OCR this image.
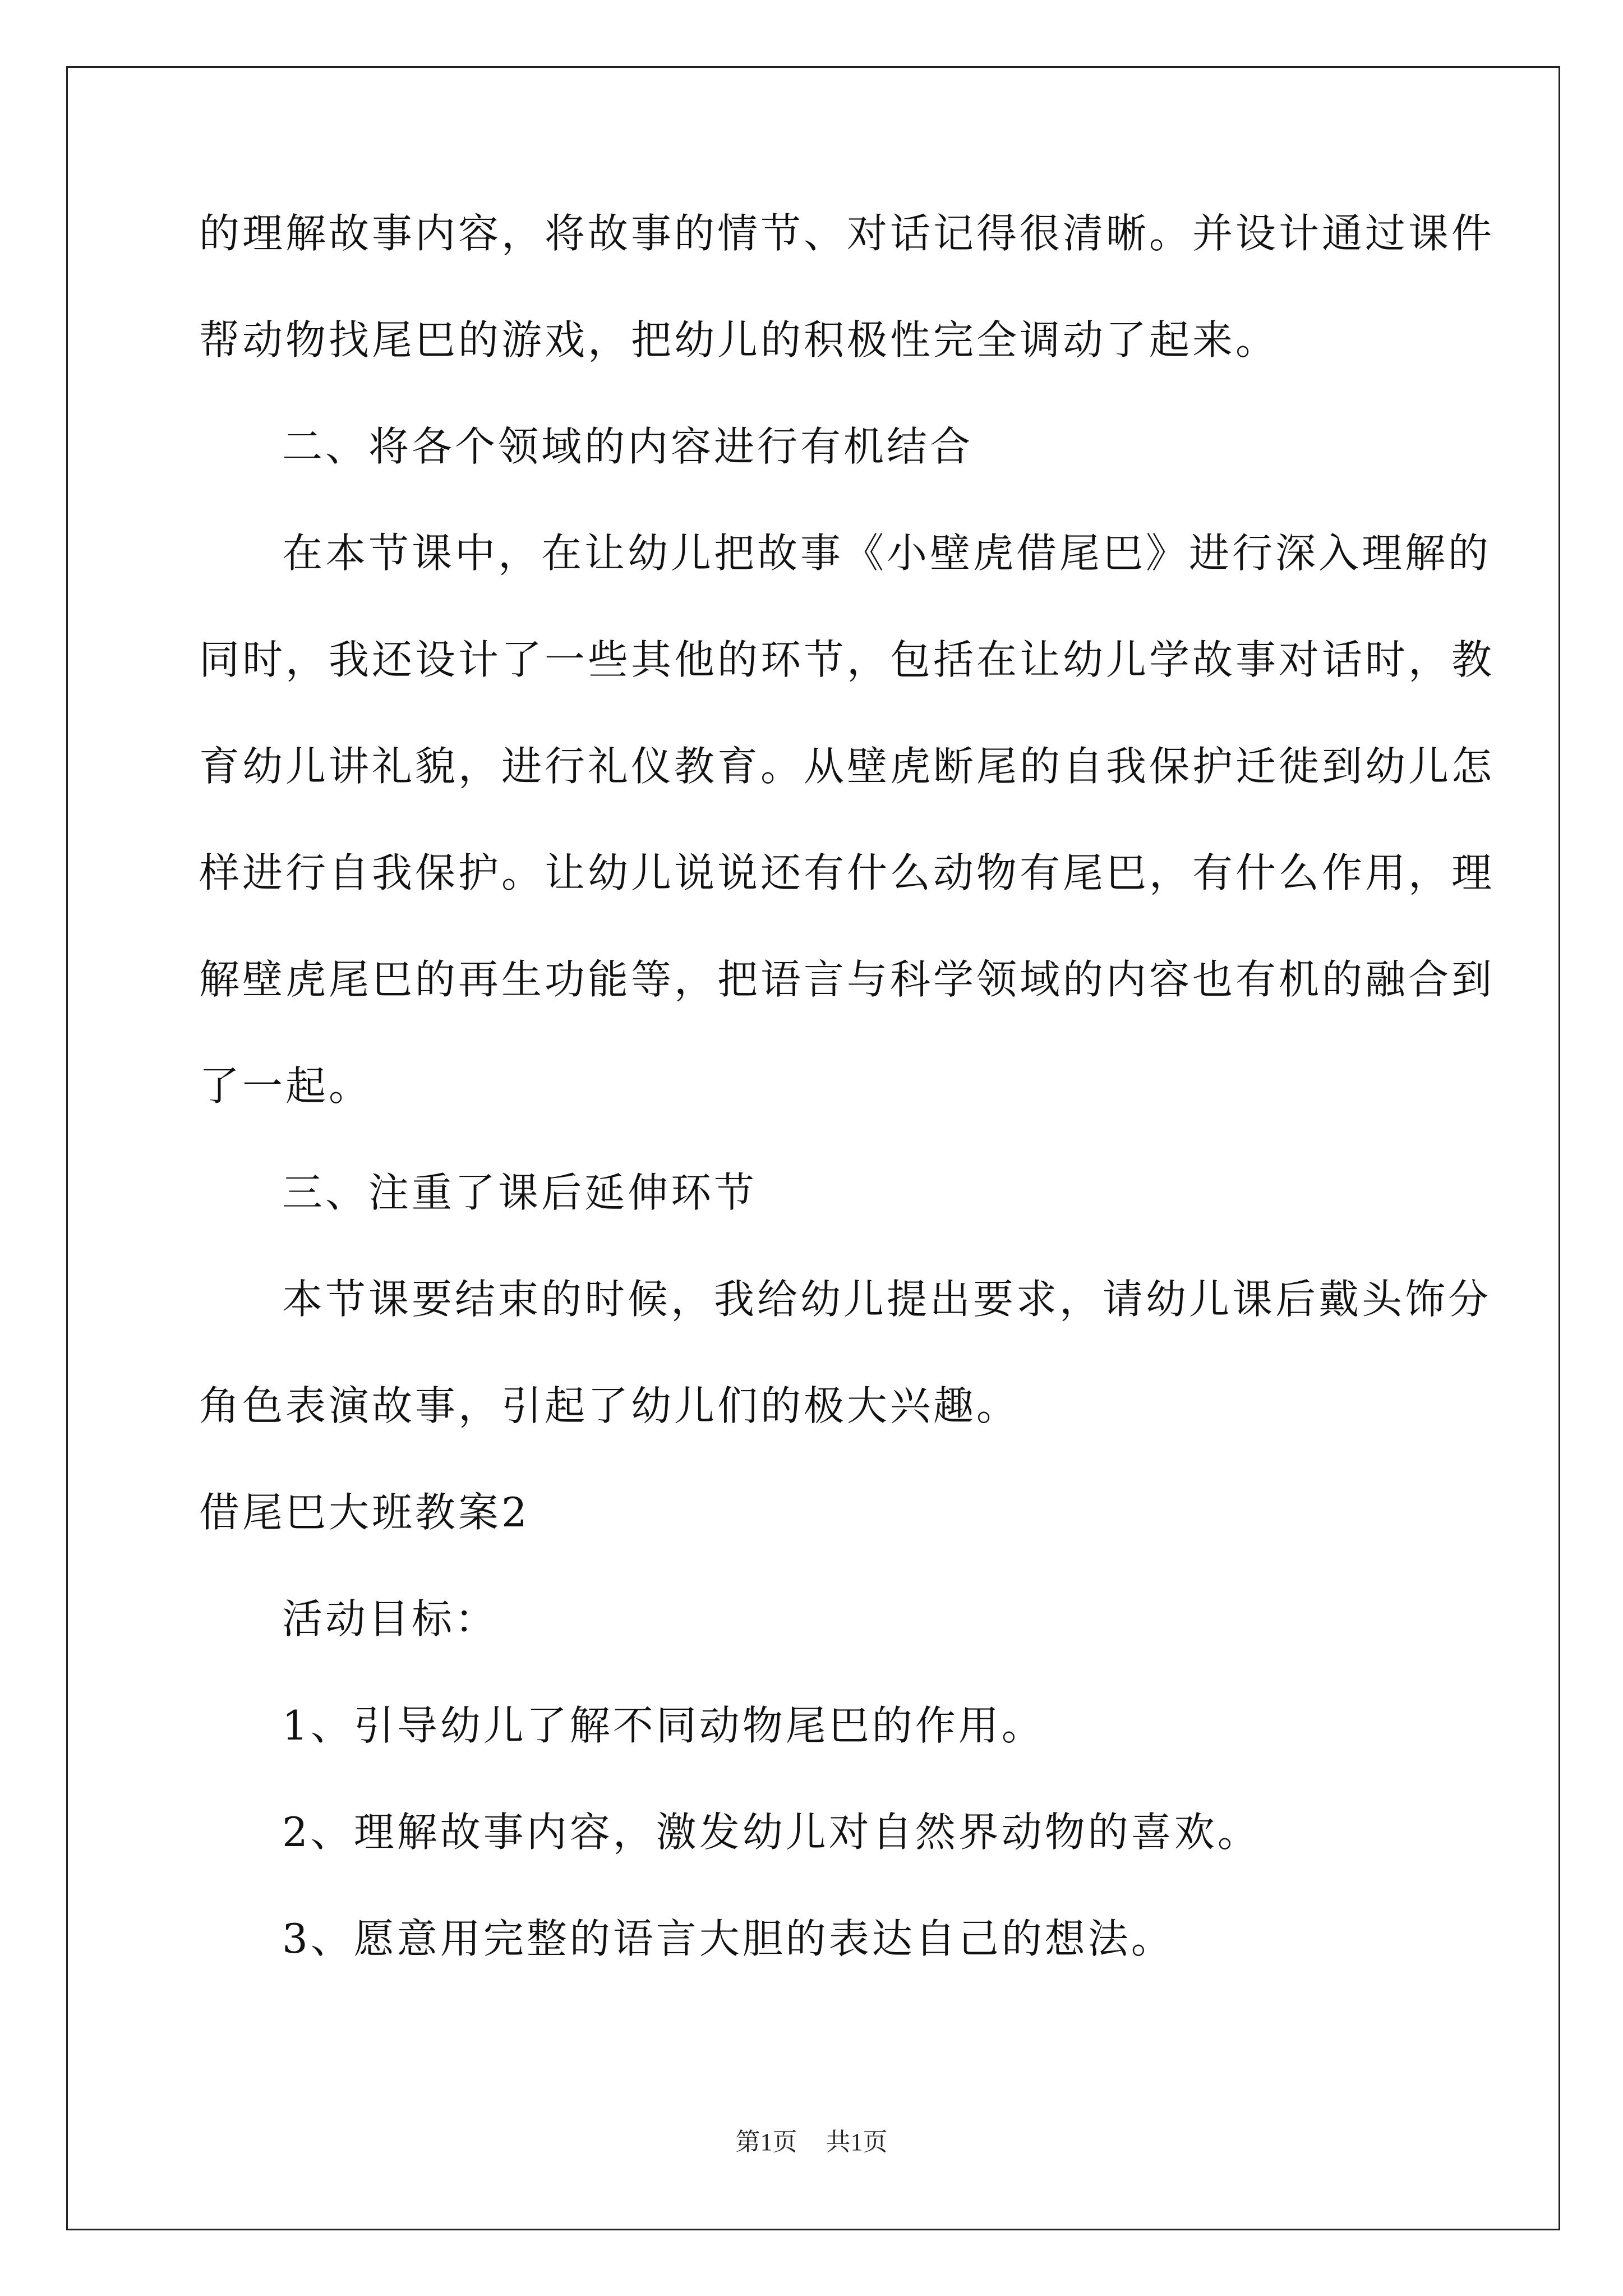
的理解故事内容，将故事的情节、对话记得很清晰。并设计通过课件
帮动物找尾巴的游戏，把幼儿的积极性完全调动了起来。
二、将各个领域的内容进行有机结合
在本节课中，在让幼儿把故事《小壁虎借尾巴》进行深入理解的
同时，我还设计了一些其他的环节，包括在让幼儿学故事对话时，教
育幼儿讲礼貌，进行礼仪教育。从壁虎断尾的自我保护迁徙到幼儿怎
样进行自我保护。让幼儿说说还有什么动物有尾巴，有什么作用，理
解壁虎尾巴的再生功能等，把语言与科学领域的内容也有机的融合到
了一起。
三、注重了课后延伸环节
本节课要结束的时候，我给幼儿提出要求，请幼儿课后戴头饰分
角色表演故事，引起了幼儿们的极大兴趣。
借尾巴大班教案2
活动目标：
1、引导幼儿了解不同动物尾巴的作用。
2、理解故事内容，激发幼儿对自然界动物的喜欢。
3、愿意用完整的语言大胆的表达自己的想法。
第1页 共1页
